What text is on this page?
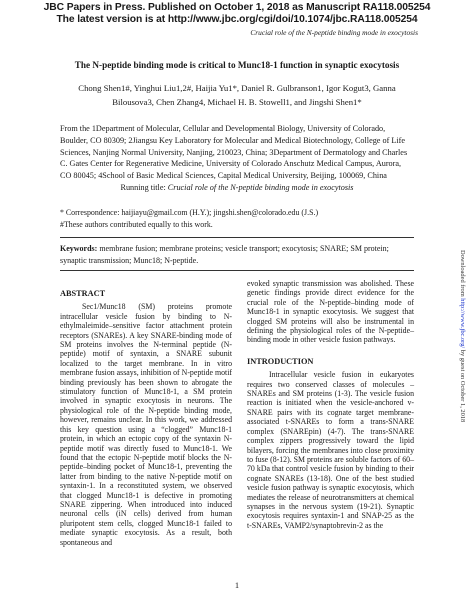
JBC Papers in Press. Published on October 1, 2018 as Manuscript RA118.005254
The latest version is at http://www.jbc.org/cgi/doi/10.1074/jbc.RA118.005254
Crucial role of the N-peptide binding mode in exocytosis
The N-peptide binding mode is critical to Munc18-1 function in synaptic exocytosis
Chong Shen1#, Yinghui Liu1,2#, Haijia Yu1*, Daniel R. Gulbranson1, Igor Kogut3, Ganna Bilousova3, Chen Zhang4, Michael H. B. Stowell1, and Jingshi Shen1*
From the 1Department of Molecular, Cellular and Developmental Biology, University of Colorado, Boulder, CO 80309; 2Jiangsu Key Laboratory for Molecular and Medical Biotechnology, College of Life Sciences, Nanjing Normal University, Nanjing, 210023, China; 3Department of Dermatology and Charles C. Gates Center for Regenerative Medicine, University of Colorado Anschutz Medical Campus, Aurora, CO 80045; 4School of Basic Medical Sciences, Capital Medical University, Beijing, 100069, China
Running title: Crucial role of the N-peptide binding mode in exocytosis
* Correspondence: haijiayu@gmail.com (H.Y.); jingshi.shen@colorado.edu (J.S.)
#These authors contributed equally to this work.
Keywords: membrane fusion; membrane proteins; vesicle transport; exocytosis; SNARE; SM protein; synaptic transmission; Munc18; N-peptide.
ABSTRACT

Sec1/Munc18 (SM) proteins promote intracellular vesicle fusion by binding to N-ethylmaleimide–sensitive factor attachment protein receptors (SNAREs). A key SNARE-binding mode of SM proteins involves the N-terminal peptide (N-peptide) motif of syntaxin, a SNARE subunit localized to the target membrane. In in vitro membrane fusion assays, inhibition of N-peptide motif binding previously has been shown to abrogate the stimulatory function of Munc18-1, a SM protein involved in synaptic exocytosis in neurons. The physiological role of the N-peptide binding mode, however, remains unclear. In this work, we addressed this key question using a “clogged” Munc18-1 protein, in which an ectopic copy of the syntaxin N-peptide motif was directly fused to Munc18-1. We found that the ectopic N-peptide motif blocks the N-peptide–binding pocket of Munc18-1, preventing the latter from binding to the native N-peptide motif on syntaxin-1. In a reconstituted system, we observed that clogged Munc18-1 is defective in promoting SNARE zippering. When introduced into induced neuronal cells (iN cells) derived from human pluripotent stem cells, clogged Munc18-1 failed to mediate synaptic exocytosis. As a result, both spontaneous and

evoked synaptic transmission was abolished. These genetic findings provide direct evidence for the crucial role of the N-peptide–binding mode of Munc18-1 in synaptic exocytosis. We suggest that clogged SM proteins will also be instrumental in defining the physiological roles of the N-peptide–binding mode in other vesicle fusion pathways.

INTRODUCTION

Intracellular vesicle fusion in eukaryotes requires two conserved classes of molecules – SNAREs and SM proteins (1-3). The vesicle fusion reaction is initiated when the vesicle-anchored v-SNARE pairs with its cognate target membrane-associated t-SNAREs to form a trans-SNARE complex (SNAREpin) (4-7). The trans-SNARE complex zippers progressively toward the lipid bilayers, forcing the membranes into close proximity to fuse (8-12). SM proteins are soluble factors of 60–70 kDa that control vesicle fusion by binding to their cognate SNAREs (13-18). One of the best studied vesicle fusion pathway is synaptic exocytosis, which mediates the release of neurotransmitters at chemical synapses in the nervous system (19-21). Synaptic exocytosis requires syntaxin-1 and SNAP-25 as the t-SNAREs, VAMP2/synaptobrevin-2 as the

Downloaded from http://www.jbc.org/ by guest on October 1, 2018
1
